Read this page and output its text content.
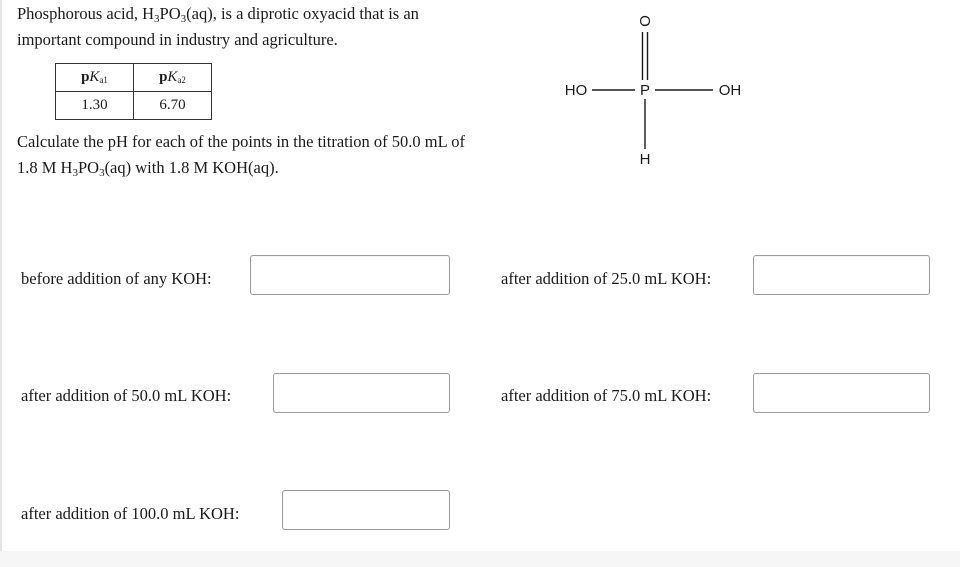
Phosphorous acid, $H_3PO_3(aq)$, is a diprotic oxyacid that is an important compound in industry and agriculture.
$pK_{a1}$	$pK_{a2}$
1.30	6.70
O
P
HO	OH
H
Calculate the pH for each of the points in the titration of 50.0 mL of 1.8 M $H_3PO_3(aq)$ with 1.8 M KOH(aq).
before addition of any KOH:	after addition of 25.0 mL KOH:
after addition of 50.0 mL KOH:	after addition of 75.0 mL KOH:
after addition of 100.0 mL KOH:
